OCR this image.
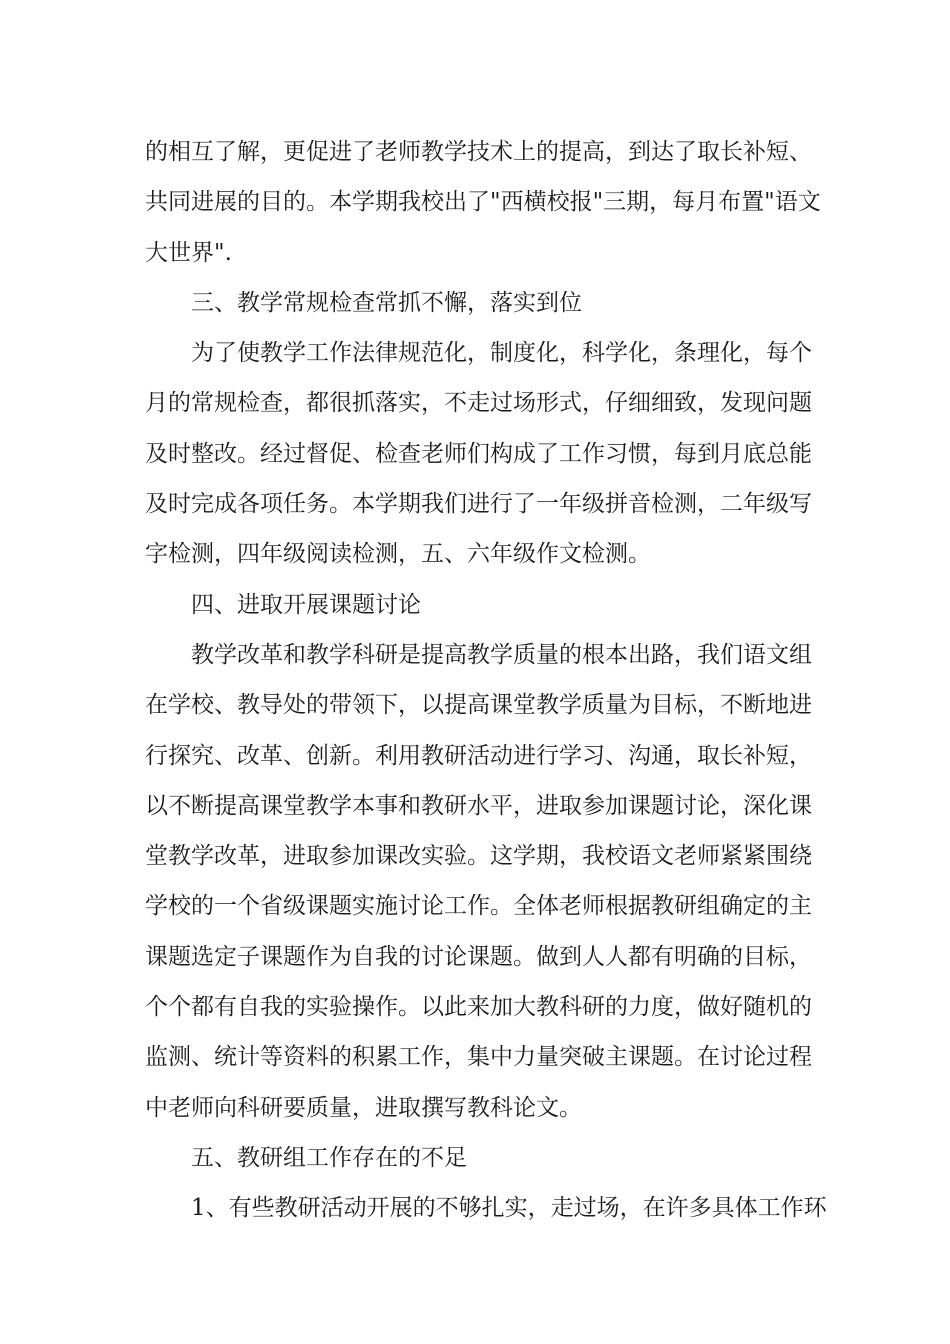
的相互了解，更促进了老师教学技术上的提高，到达了取长补短、
共同进展的目的。本学期我校出了"西横校报"三期，每月布置"语文
大世界".
三、教学常规检查常抓不懈，落实到位
为了使教学工作法律规范化，制度化，科学化，条理化，每个
月的常规检查，都很抓落实，不走过场形式，仔细细致，发现问题
及时整改。经过督促、检查老师们构成了工作习惯，每到月底总能
及时完成各项任务。本学期我们进行了一年级拼音检测，二年级写
字检测，四年级阅读检测，五、六年级作文检测。
四、进取开展课题讨论
教学改革和教学科研是提高教学质量的根本出路，我们语文组
在学校、教导处的带领下，以提高课堂教学质量为目标，不断地进
行探究、改革、创新。利用教研活动进行学习、沟通，取长补短，
以不断提高课堂教学本事和教研水平，进取参加课题讨论，深化课
堂教学改革，进取参加课改实验。这学期，我校语文老师紧紧围绕
学校的一个省级课题实施讨论工作。全体老师根据教研组确定的主
课题选定子课题作为自我的讨论课题。做到人人都有明确的目标，
个个都有自我的实验操作。以此来加大教科研的力度，做好随机的
监测、统计等资料的积累工作，集中力量突破主课题。在讨论过程
中老师向科研要质量，进取撰写教科论文。
五、教研组工作存在的不足
1、有些教研活动开展的不够扎实，走过场，在许多具体工作环
